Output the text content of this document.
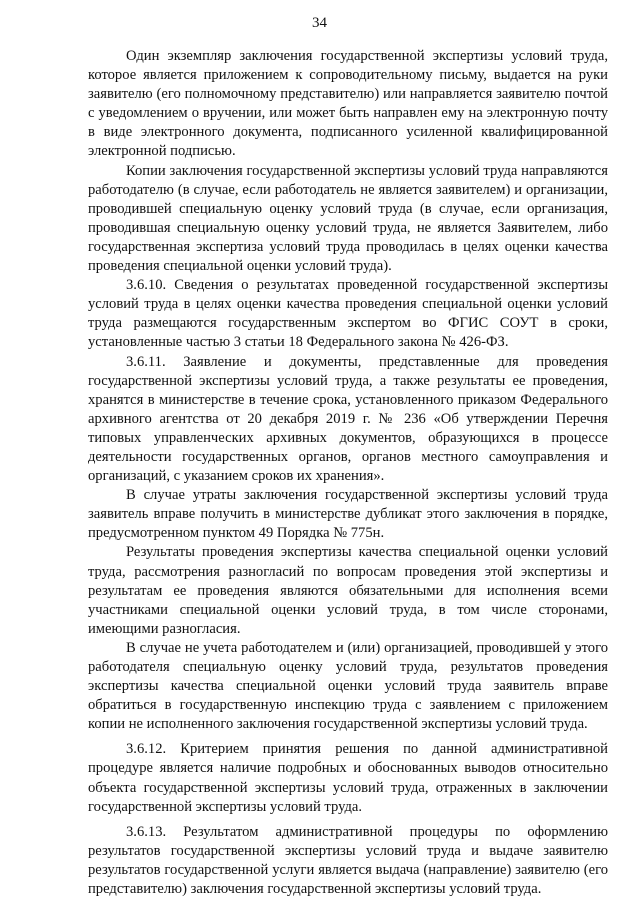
34

Один экземпляр заключения государственной экспертизы условий труда, которое является приложением к сопроводительному письму, выдается на руки заявителю (его полномочному представителю) или направляется заявителю почтой с уведомлением о вручении, или может быть направлен ему на электронную почту в виде электронного документа, подписанного усиленной квалифицированной электронной подписью.

Копии заключения государственной экспертизы условий труда направляются работодателю (в случае, если работодатель не является заявителем) и организации, проводившей специальную оценку условий труда (в случае, если организация, проводившая специальную оценку условий труда, не является Заявителем, либо государственная экспертиза условий труда проводилась в целях оценки качества проведения специальной оценки условий труда).

3.6.10. Сведения о результатах проведенной государственной экспертизы условий труда в целях оценки качества проведения специальной оценки условий труда размещаются государственным экспертом во ФГИС СОУТ в сроки, установленные частью 3 статьи 18 Федерального закона № 426-ФЗ.

3.6.11. Заявление и документы, представленные для проведения государственной экспертизы условий труда, а также результаты ее проведения, хранятся в министерстве в течение срока, установленного приказом Федерального архивного агентства от 20 декабря 2019 г. № 236 «Об утверждении Перечня типовых управленческих архивных документов, образующихся в процессе деятельности государственных органов, органов местного самоуправления и организаций, с указанием сроков их хранения».

В случае утраты заключения государственной экспертизы условий труда заявитель вправе получить в министерстве дубликат этого заключения в порядке, предусмотренном пунктом 49 Порядка № 775н.

Результаты проведения экспертизы качества специальной оценки условий труда, рассмотрения разногласий по вопросам проведения этой экспертизы и результатам ее проведения являются обязательными для исполнения всеми участниками специальной оценки условий труда, в том числе сторонами, имеющими разногласия.

В случае не учета работодателем и (или) организацией, проводившей у этого работодателя специальную оценку условий труда, результатов проведения экспертизы качества специальной оценки условий труда заявитель вправе обратиться в государственную инспекцию труда с заявлением с приложением копии не исполненного заключения государственной экспертизы условий труда.

3.6.12. Критерием принятия решения по данной административной процедуре является наличие подробных и обоснованных выводов относительно объекта государственной экспертизы условий труда, отраженных в заключении государственной экспертизы условий труда.

3.6.13. Результатом административной процедуры по оформлению результатов государственной экспертизы условий труда и выдаче заявителю результатов государственной услуги является выдача (направление) заявителю (его представителю) заключения государственной экспертизы условий труда.
